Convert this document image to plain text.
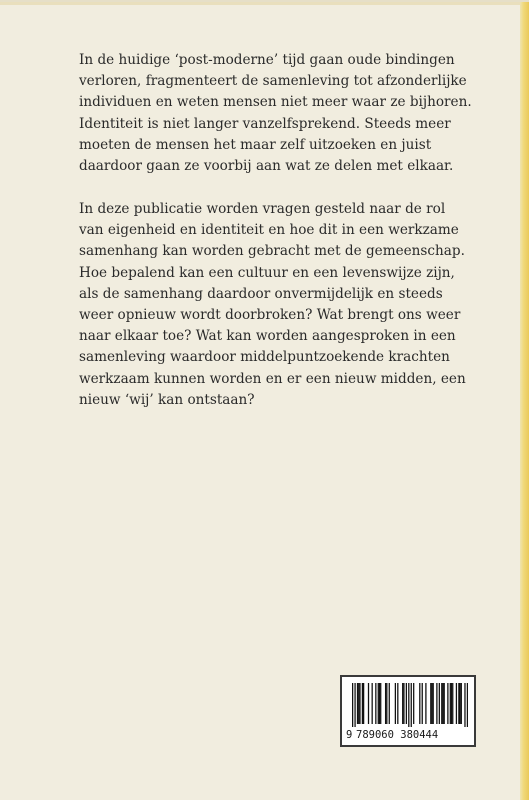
In de huidige ‘post-moderne’ tijd gaan oude bindingen
verloren, fragmenteert de samenleving tot afzonderlijke
individuen en weten mensen niet meer waar ze bijhoren.
Identiteit is niet langer vanzelfsprekend. Steeds meer
moeten de mensen het maar zelf uitzoeken en juist
daardoor gaan ze voorbij aan wat ze delen met elkaar.
In deze publicatie worden vragen gesteld naar de rol
van eigenheid en identiteit en hoe dit in een werkzame
samenhang kan worden gebracht met de gemeenschap.
Hoe bepalend kan een cultuur en een levenswijze zijn,
als de samenhang daardoor onvermijdelijk en steeds
weer opnieuw wordt doorbroken? Wat brengt ons weer
naar elkaar toe? Wat kan worden aangesproken in een
samenleving waardoor middelpuntzoekende krachten
werkzaam kunnen worden en er een nieuw midden, een
nieuw ‘wij’ kan ontstaan?
9 789060 380444
